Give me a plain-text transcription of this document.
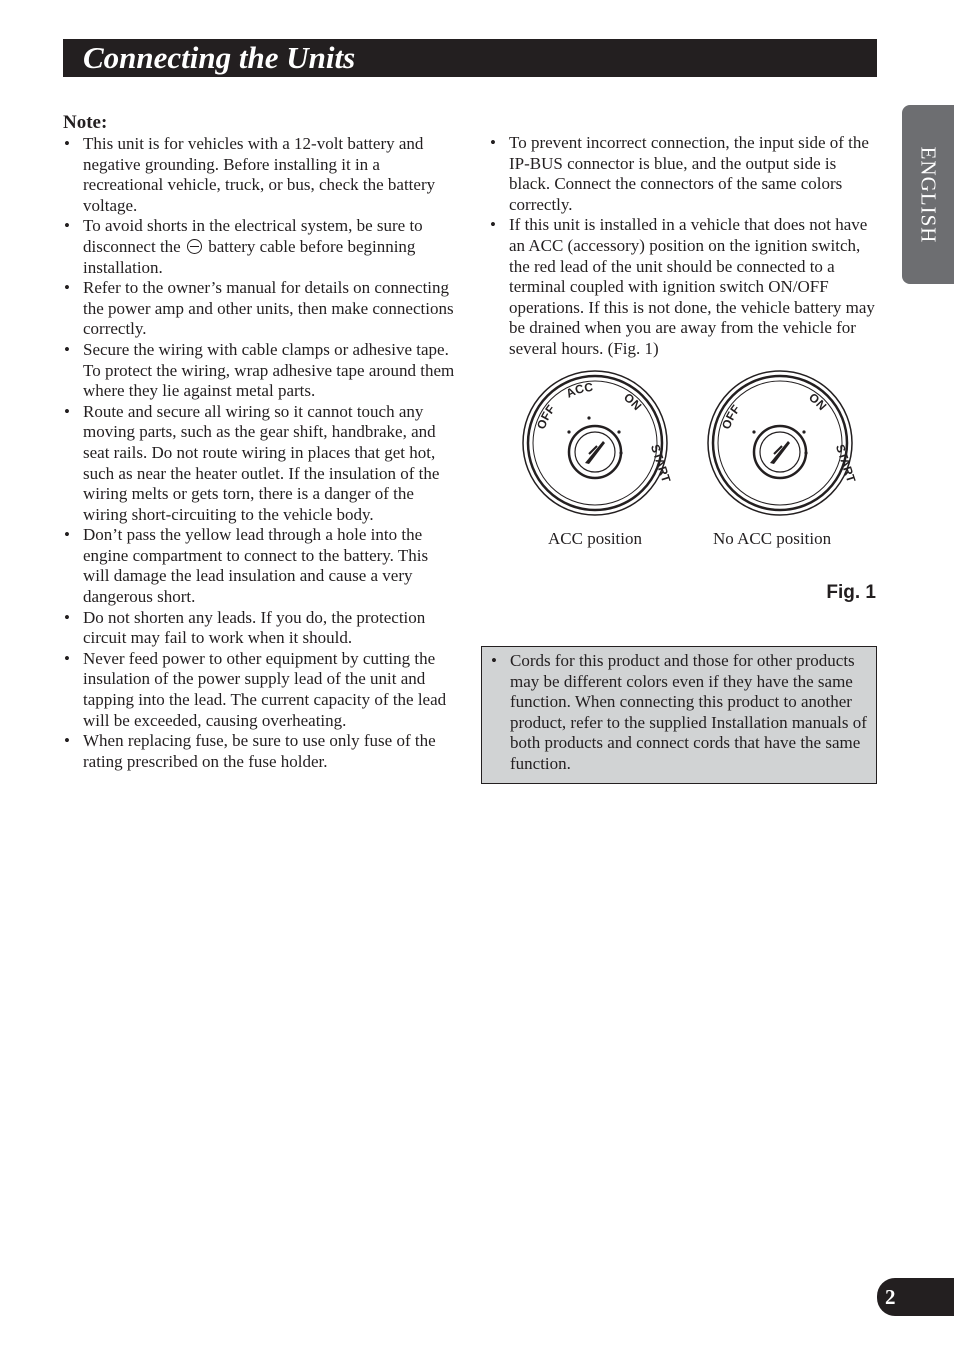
Connecting the Units
ENGLISH

Note:

• This unit is for vehicles with a 12-volt battery and negative grounding. Before installing it in a recreational vehicle, truck, or bus, check the battery voltage.
• To avoid shorts in the electrical system, be sure to disconnect the battery cable before beginning installation.
• Refer to the owner’s manual for details on connecting the power amp and other units, then make connections correctly.
• Secure the wiring with cable clamps or adhesive tape. To protect the wiring, wrap adhesive tape around them where they lie against metal parts.
• Route and secure all wiring so it cannot touch any moving parts, such as the gear shift, handbrake, and seat rails. Do not route wiring in places that get hot, such as near the heater outlet. If the insulation of the wiring melts or gets torn, there is a danger of the wiring short-circuiting to the vehicle body.
• Don’t pass the yellow lead through a hole into the engine compartment to connect to the battery. This will damage the lead insulation and cause a very dangerous short.
• Do not shorten any leads. If you do, the protection circuit may fail to work when it should.
• Never feed power to other equipment by cutting the insulation of the power supply lead of the unit and tapping into the lead. The current capacity of the lead will be exceeded, causing overheating.
• When replacing fuse, be sure to use only fuse of the rating prescribed on the fuse holder.
• To prevent incorrect connection, the input side of the IP-BUS connector is blue, and the output side is black. Connect the connectors of the same colors correctly.
• If this unit is installed in a vehicle that does not have an ACC (accessory) position on the ignition switch, the red lead of the unit should be connected to a terminal coupled with ignition switch ON/OFF operations. If this is not done, the vehicle battery may be drained when you are away from the vehicle for several hours. (Fig. 1)
OFF
ACC
ON
START
OFF
ON
START
ACC position	No ACC position
Fig. 1
• Cords for this product and those for other products may be different colors even if they have the same function. When connecting this product to another product, refer to the supplied Installation manuals of both products and connect cords that have the same function.
2
